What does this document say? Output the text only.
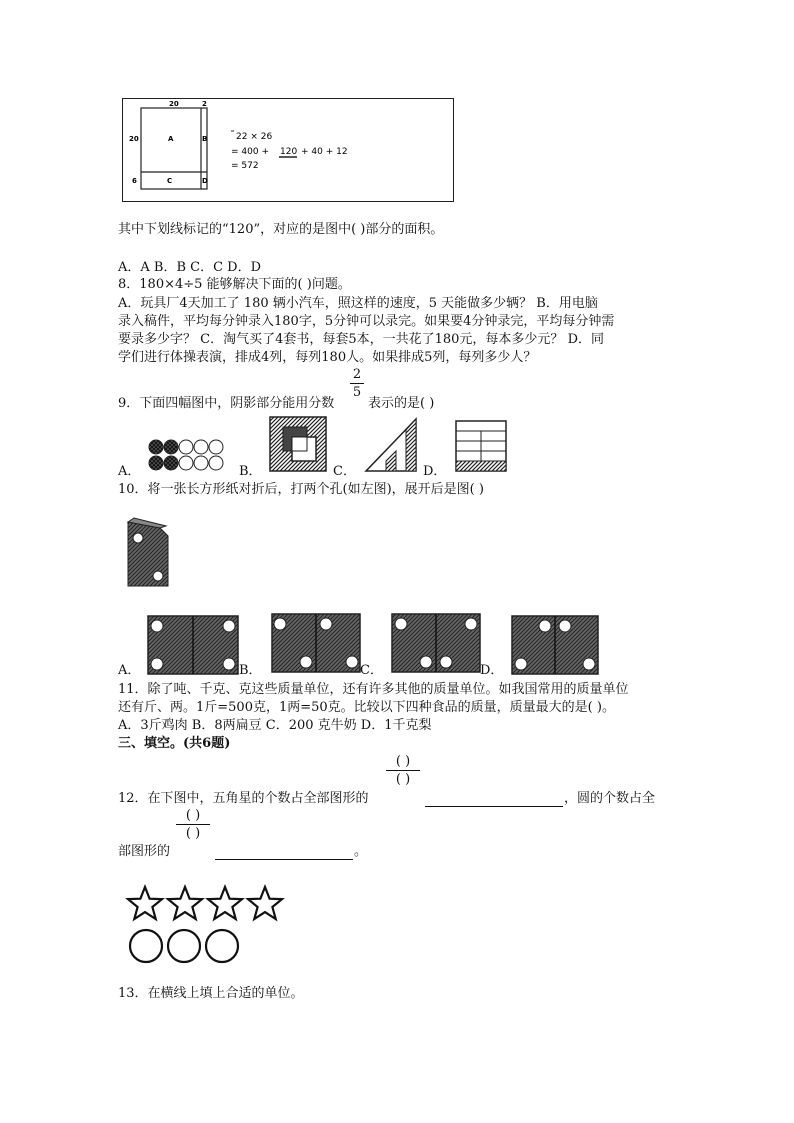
20	2
20
6
A	B
C	D
22 × 26
= 400 + 120 + 40 + 12
= 572
其中下划线标记的“120”，对应的是图中( )部分的面积。
A．A B．B C．C D．D
8．180×4÷5 能够解决下面的( )问题。
A．玩具厂4天加工了 180 辆小汽车，照这样的速度，5 天能做多少辆？ B．用电脑
录入稿件，平均每分钟录入180字，5分钟可以录完。如果要4分钟录完，平均每分钟需
要录多少字？ C．淘气买了4套书，每套5本，一共花了180元，每本多少元？ D．同
学们进行体操表演，排成4列，每列180人。如果排成5列，每列多少人？
2
5
9．下面四幅图中，阴影部分能用分数	表示的是( )
A．	B．	C．	D．
10．将一张长方形纸对折后，打两个孔(如左图)，展开后是图( )
A．	B．	C．	D．
11．除了吨、千克、克这些质量单位，还有许多其他的质量单位。如我国常用的质量单位
还有斤、两。1斤=500克，1两=50克。比较以下四种食品的质量，质量最大的是( )。
A．3斤鸡肉 B．8两扁豆 C．200 克牛奶 D．1千克梨
三、填空。(共6题)
( )
( )
12．在下图中，五角星的个数占全部图形的	，圆的个数占全
( )
( )
部图形的	。
13．在横线上填上合适的单位。
